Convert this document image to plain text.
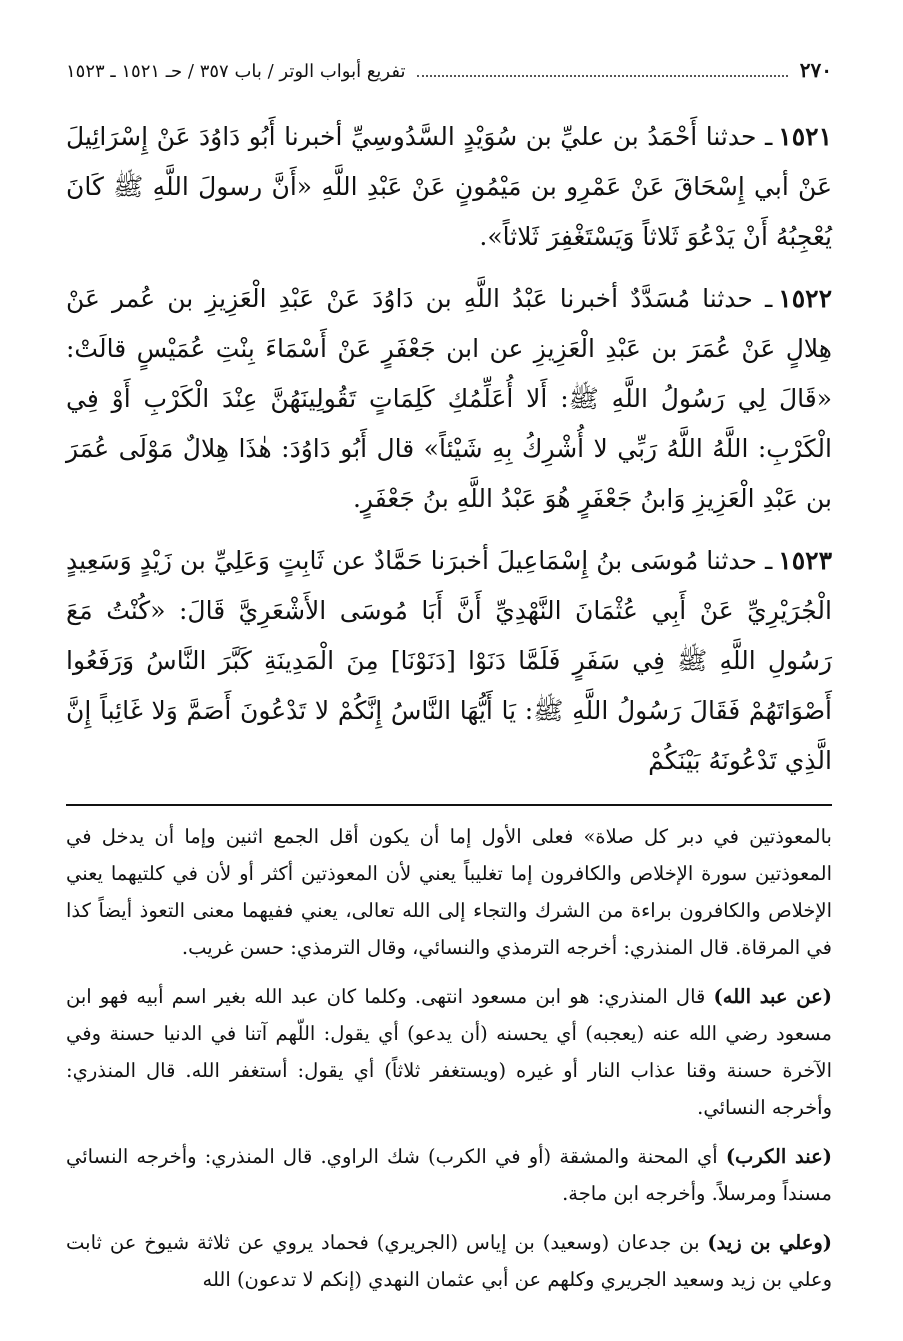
٢٧٠
تفريع أبواب الوتر / باب ٣٥٧ / حـ ١٥٢١ ـ ١٥٢٣

١٥٢١ـ حدثنا أَحْمَدُ بن عليِّ بن سُوَيْدٍ السَّدُوسِيِّ أخبرنا أَبُو دَاوُدَ عَنْ إِسْرَائِيلَ عَنْ أبي إِسْحَاقَ عَنْ عَمْرِو بن مَيْمُونٍ عَنْ عَبْدِ اللَّهِ «أَنَّ رسولَ اللَّهِ ﷺ كَانَ يُعْجِبُهُ أَنْ يَدْعُوَ ثَلاثاً وَيَسْتَغْفِرَ ثَلاثاً».

١٥٢٢ـ حدثنا مُسَدَّدٌ أخبرنا عَبْدُ اللَّهِ بن دَاوُدَ عَنْ عَبْدِ الْعَزِيزِ بن عُمر عَنْ هِلالٍ عَنْ عُمَرَ بن عَبْدِ الْعَزِيزِ عن ابن جَعْفَرٍ عَنْ أَسْمَاءَ بِنْتِ عُمَيْسٍ قالَتْ: «قَالَ لِي رَسُولُ اللَّهِ ﷺ: أَلا أُعَلِّمُكِ كَلِمَاتٍ تَقُولِينَهُنَّ عِنْدَ الْكَرْبِ أَوْ فِي الْكَرْبِ: اللَّهُ اللَّهُ رَبِّي لا أُشْرِكُ بِهِ شَيْئاً» قال أَبُو دَاوُدَ: هٰذَا هِلالٌ مَوْلَى عُمَرَ بن عَبْدِ الْعَزِيزِ وَابنُ جَعْفَرٍ هُوَ عَبْدُ اللَّهِ بنُ جَعْفَرٍ.

١٥٢٣ـ حدثنا مُوسَى بنُ إِسْمَاعِيلَ أخبرَنا حَمَّادٌ عن ثَابِتٍ وَعَلِيِّ بن زَيْدٍ وَسَعِيدٍ الْجُرَيْرِيِّ عَنْ أَبِي عُثْمَانَ النَّهْدِيِّ أَنَّ أَبَا مُوسَى الأَشْعَرِيَّ قَالَ: «كُنْتُ مَعَ رَسُولِ اللَّهِ ﷺ فِي سَفَرٍ فَلَمَّا دَنَوْا [دَنَوْنَا] مِنَ الْمَدِينَةِ كَبَّرَ النَّاسُ وَرَفَعُوا أَصْوَاتَهُمْ فَقَالَ رَسُولُ اللَّهِ ﷺ: يَا أَيُّهَا النَّاسُ إِنَّكُمْ لا تَدْعُونَ أَصَمَّ وَلا غَائِباً إِنَّ الَّذِي تَدْعُونَهُ بَيْنَكُمْ

بالمعوذتين في دبر كل صلاة» فعلى الأول إما أن يكون أقل الجمع اثنين وإما أن يدخل في المعوذتين سورة الإخلاص والكافرون إما تغليباً يعني لأن المعوذتين أكثر أو لأن في كلتيهما يعني الإخلاص والكافرون براءة من الشرك والتجاء إلى الله تعالى، يعني ففيهما معنى التعوذ أيضاً كذا في المرقاة. قال المنذري: أخرجه الترمذي والنسائي، وقال الترمذي: حسن غريب.

(عن عبد الله) قال المنذري: هو ابن مسعود انتهى. وكلما كان عبد الله بغير اسم أبيه فهو ابن مسعود رضي الله عنه (يعجبه) أي يحسنه (أن يدعو) أي يقول: اللّهم آتنا في الدنيا حسنة وفي الآخرة حسنة وقنا عذاب النار أو غيره (ويستغفر ثلاثاً) أي يقول: أستغفر الله. قال المنذري: وأخرجه النسائي.

(عند الكرب) أي المحنة والمشقة (أو في الكرب) شك الراوي. قال المنذري: وأخرجه النسائي مسنداً ومرسلاً. وأخرجه ابن ماجة.

(وعلي بن زيد) بن جدعان (وسعيد) بن إياس (الجريري) فحماد يروي عن ثلاثة شيوخ عن ثابت وعلي بن زيد وسعيد الجريري وكلهم عن أبي عثمان النهدي (إنكم لا تدعون) الله
